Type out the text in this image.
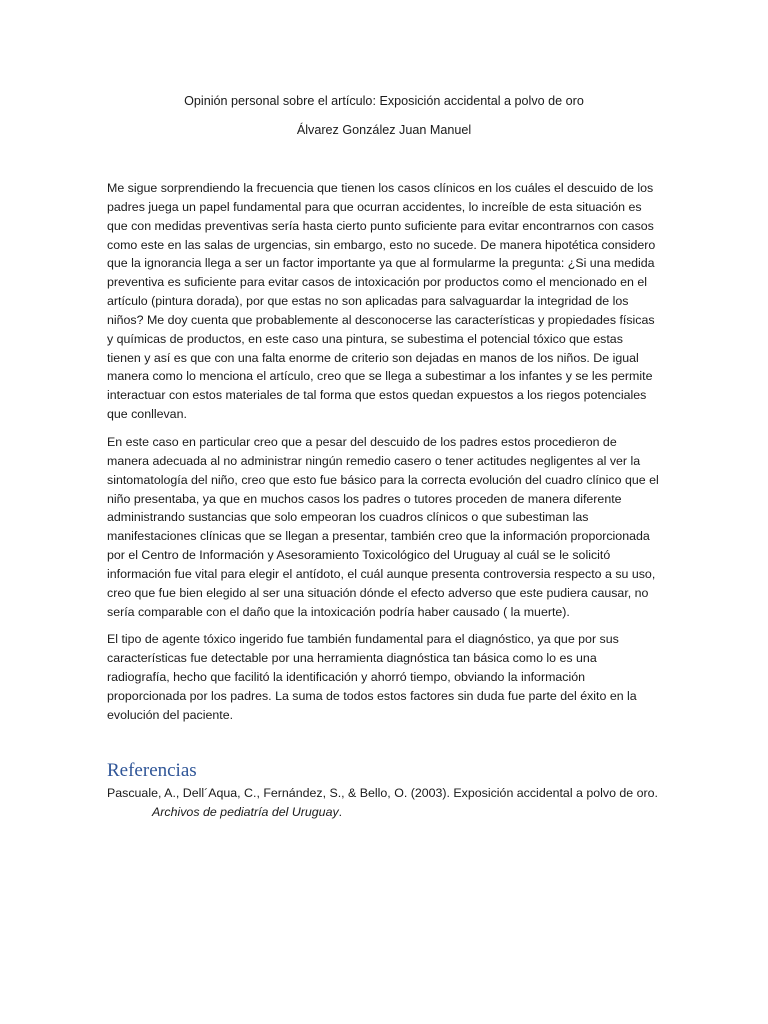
Opinión personal sobre el artículo: Exposición accidental a polvo de oro
Álvarez González Juan Manuel

Me sigue sorprendiendo la frecuencia que tienen los casos clínicos en los cuáles el descuido de los padres juega un papel fundamental para que ocurran accidentes, lo increíble de esta situación es que con medidas preventivas sería hasta cierto punto suficiente para evitar encontrarnos con casos como este en las salas de urgencias, sin embargo, esto no sucede. De manera hipotética considero que la ignorancia llega a ser un factor importante ya que al formularme la pregunta: ¿Si una medida preventiva es suficiente para evitar casos de intoxicación por productos como el mencionado en el artículo (pintura dorada), por que estas no son aplicadas para salvaguardar la integridad de los niños? Me doy cuenta que probablemente al desconocerse las características y propiedades físicas y químicas de productos, en este caso una pintura, se subestima el potencial tóxico que estas tienen y así es que con una falta enorme de criterio son dejadas en manos de los niños. De igual manera como lo menciona el artículo, creo que se llega a subestimar a los infantes y se les permite interactuar con estos materiales de tal forma que estos quedan expuestos a los riegos potenciales que conllevan.

En este caso en particular creo que a pesar del descuido de los padres estos procedieron de manera adecuada al no administrar ningún remedio casero o tener actitudes negligentes al ver la sintomatología del niño, creo que esto fue básico para la correcta evolución del cuadro clínico que el niño presentaba, ya que en muchos casos los padres o tutores proceden de manera diferente administrando sustancias que solo empeoran los cuadros clínicos o que subestiman las manifestaciones clínicas que se llegan a presentar, también creo que la información proporcionada por el Centro de Información y Asesoramiento Toxicológico del Uruguay al cuál se le solicitó información fue vital para elegir el antídoto, el cuál aunque presenta controversia respecto a su uso, creo que fue bien elegido al ser una situación dónde el efecto adverso que este pudiera causar, no sería comparable con el daño que la intoxicación podría haber causado ( la muerte).

El tipo de agente tóxico ingerido fue también fundamental para el diagnóstico, ya que por sus características fue detectable por una herramienta diagnóstica tan básica como lo es una radiografía, hecho que facilitó la identificación y ahorró tiempo, obviando la información proporcionada por los padres. La suma de todos estos factores sin duda fue parte del éxito en la evolución del paciente.

Referencias

Pascuale, A., Dell´Aqua, C., Fernández, S., & Bello, O. (2003). Exposición accidental a polvo de oro.
Archivos de pediatría del Uruguay.
